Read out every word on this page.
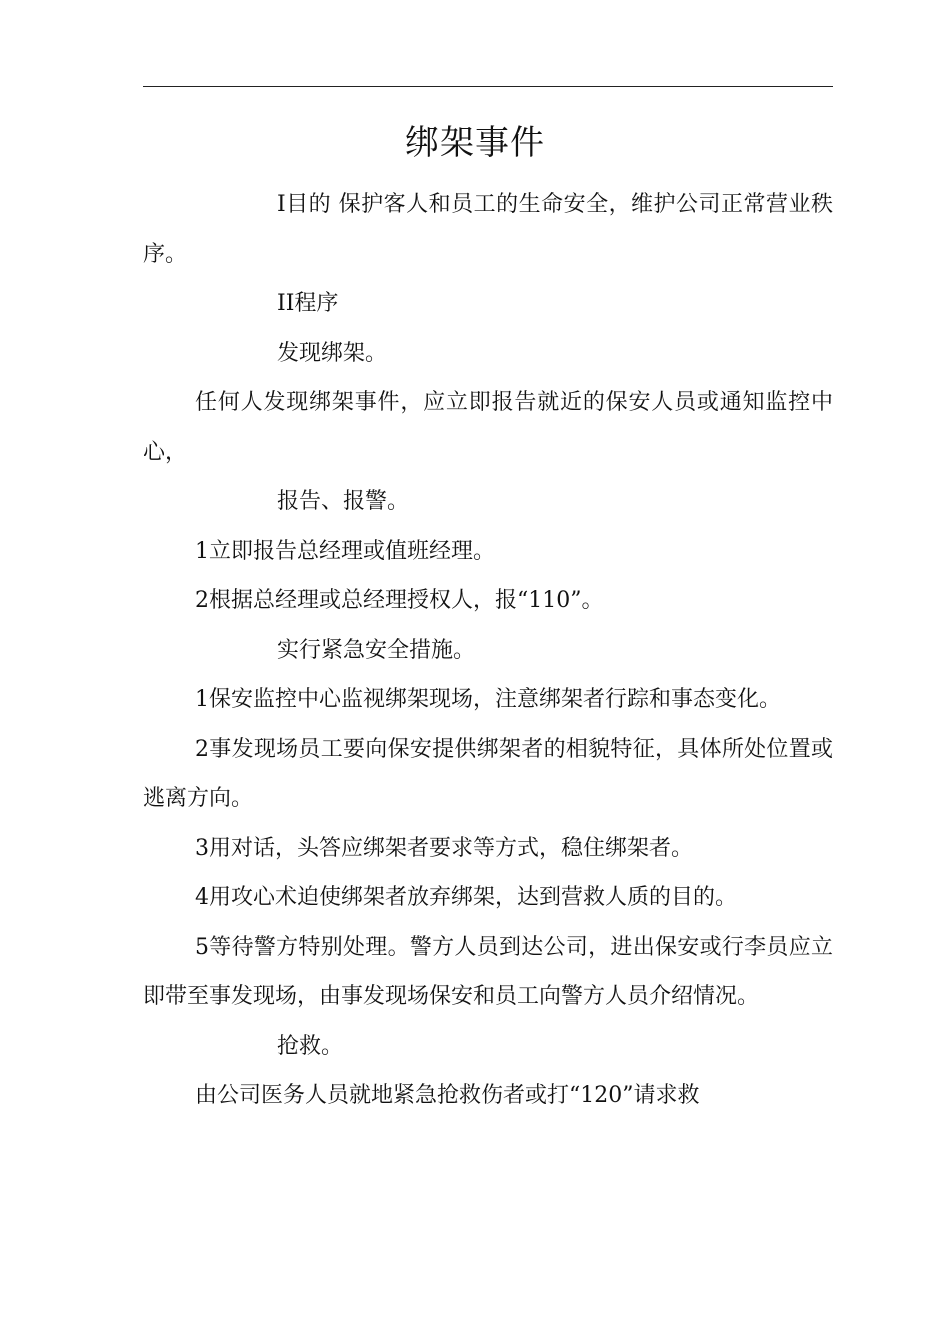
绑架事件

I目的 保护客人和员工的生命安全，维护公司正常营业秩序。

II程序

发现绑架。

任何人发现绑架事件，应立即报告就近的保安人员或通知监控中心，

报告、报警。

1立即报告总经理或值班经理。

2根据总经理或总经理授权人，报“110”。

实行紧急安全措施。

1保安监控中心监视绑架现场，注意绑架者行踪和事态变化。

2事发现场员工要向保安提供绑架者的相貌特征，具体所处位置或逃离方向。

3用对话，头答应绑架者要求等方式，稳住绑架者。

4用攻心术迫使绑架者放弃绑架，达到营救人质的目的。

5等待警方特别处理。警方人员到达公司，进出保安或行李员应立即带至事发现场，由事发现场保安和员工向警方人员介绍情况。

抢救。

由公司医务人员就地紧急抢救伤者或打“120”请求救
